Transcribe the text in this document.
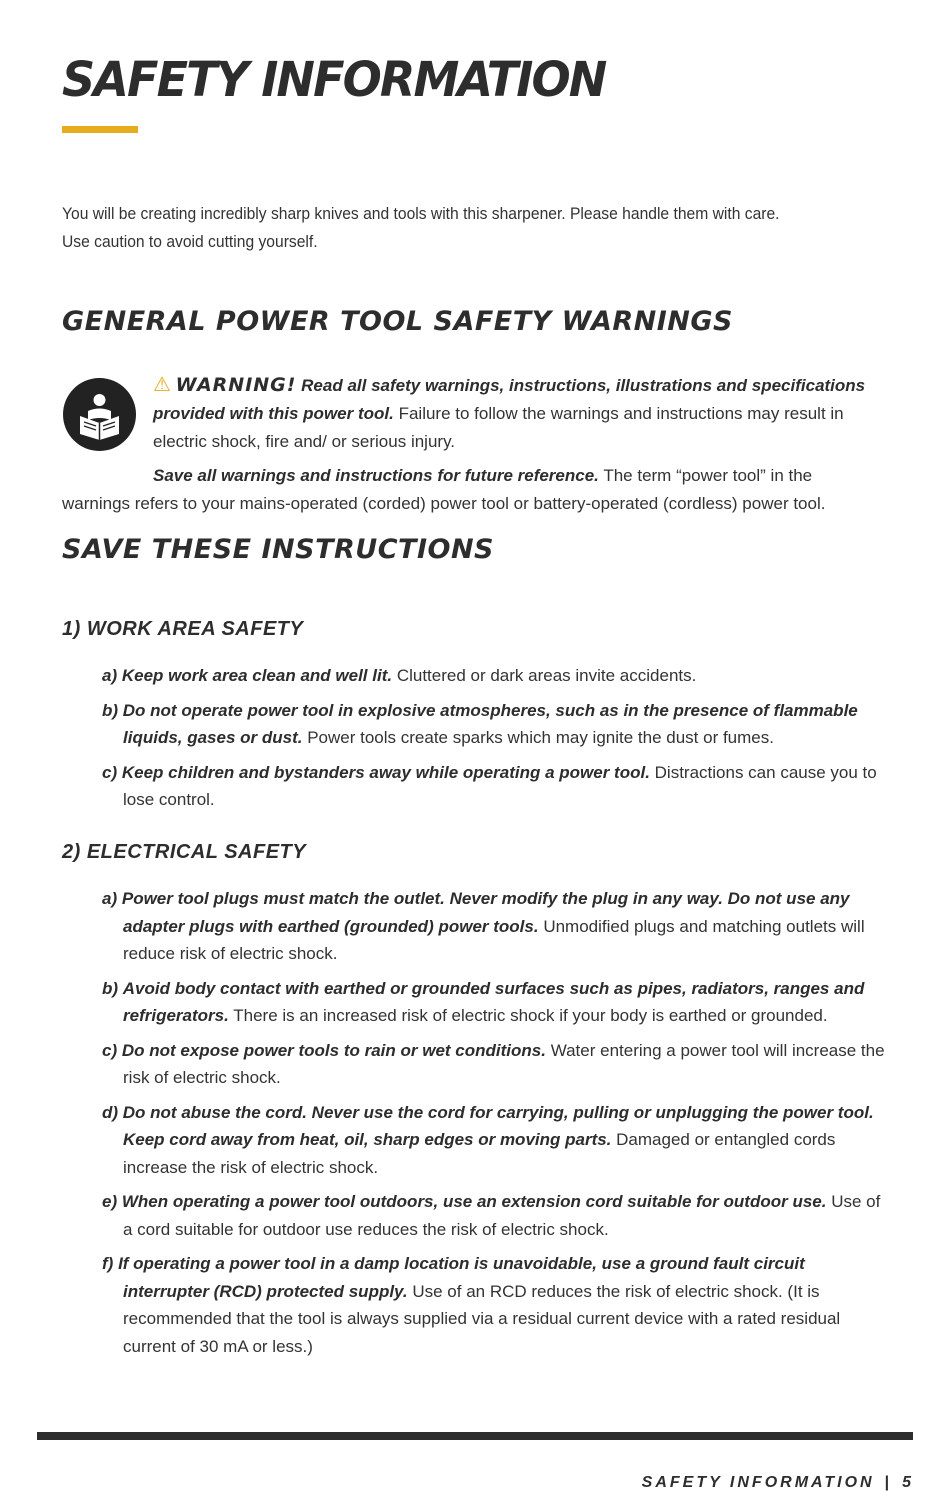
SAFETY INFORMATION

You will be creating incredibly sharp knives and tools with this sharpener. Please handle them with care. Use caution to avoid cutting yourself.

GENERAL POWER TOOL SAFETY WARNINGS
⚠ WARNING! Read all safety warnings, instructions, illustrations and specifications provided with this power tool. Failure to follow the warnings and instructions may result in electric shock, fire and/ or serious injury.

Save all warnings and instructions for future reference. The term “power tool” in the warnings refers to your mains-operated (corded) power tool or battery-operated (cordless) power tool.

SAVE THESE INSTRUCTIONS
1) WORK AREA SAFETY
a) Keep work area clean and well lit. Cluttered or dark areas invite accidents.
b) Do not operate power tool in explosive atmospheres, such as in the presence of flammable liquids, gases or dust. Power tools create sparks which may ignite the dust or fumes.
c) Keep children and bystanders away while operating a power tool. Distractions can cause you to lose control.
2) ELECTRICAL SAFETY
a) Power tool plugs must match the outlet. Never modify the plug in any way. Do not use any adapter plugs with earthed (grounded) power tools. Unmodified plugs and matching outlets will reduce risk of electric shock.
b) Avoid body contact with earthed or grounded surfaces such as pipes, radiators, ranges and refrigerators. There is an increased risk of electric shock if your body is earthed or grounded.
c) Do not expose power tools to rain or wet conditions. Water entering a power tool will increase the risk of electric shock.
d) Do not abuse the cord. Never use the cord for carrying, pulling or unplugging the power tool. Keep cord away from heat, oil, sharp edges or moving parts. Damaged or entangled cords increase the risk of electric shock.
e) When operating a power tool outdoors, use an extension cord suitable for outdoor use. Use of a cord suitable for outdoor use reduces the risk of electric shock.
f) If operating a power tool in a damp location is unavoidable, use a ground fault circuit interrupter (RCD) protected supply. Use of an RCD reduces the risk of electric shock. (It is recommended that the tool is always supplied via a residual current device with a rated residual current of 30 mA or less.)
SAFETY INFORMATION | 5
